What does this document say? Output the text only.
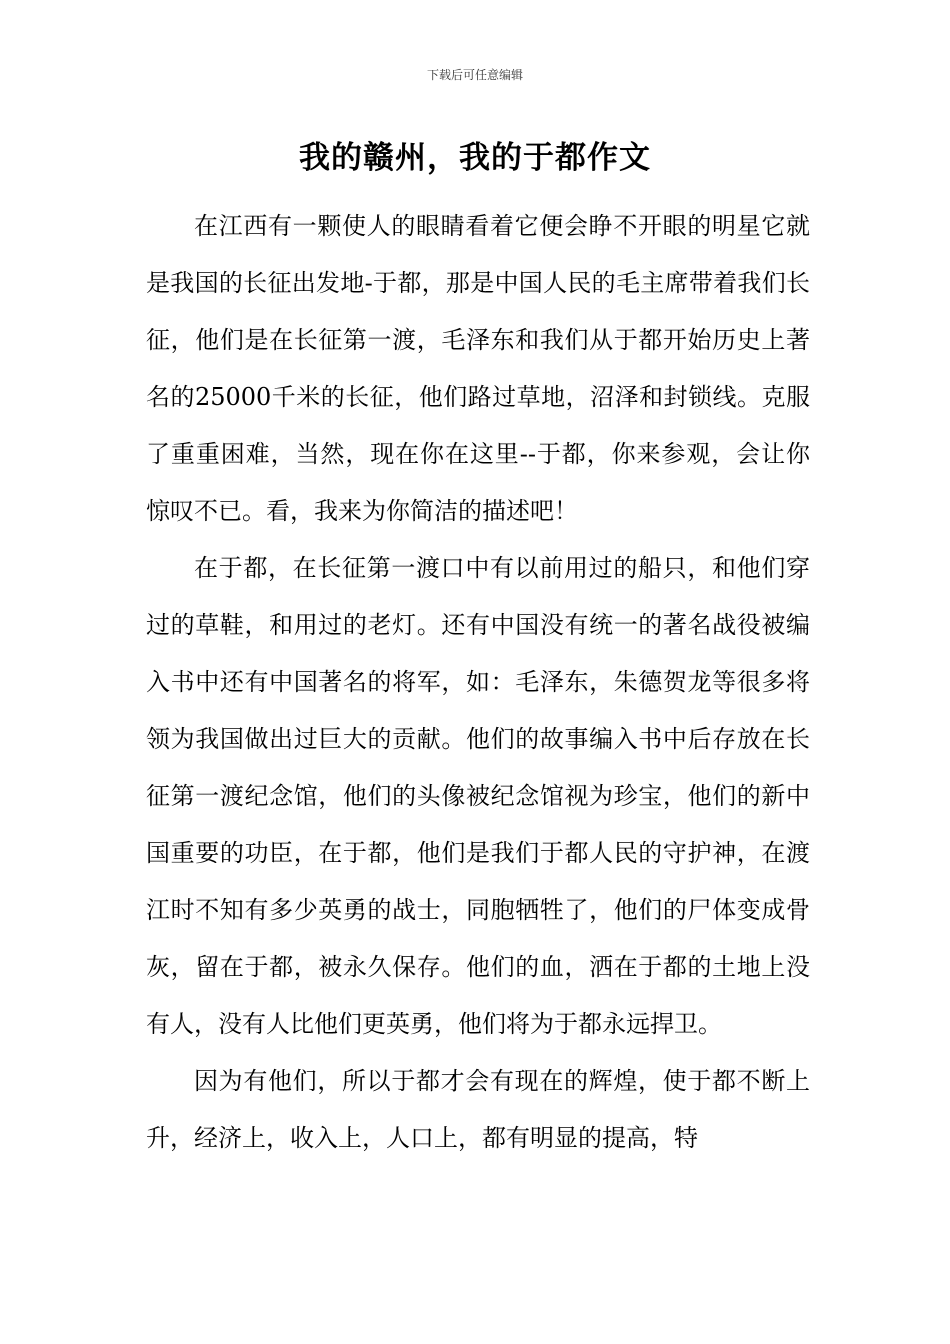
下载后可任意编辑
我的赣州，我的于都作文

在江西有一颗使人的眼睛看着它便会睁不开眼的明星它就是我国的长征出发地-于都，那是中国人民的毛主席带着我们长征，他们是在长征第一渡，毛泽东和我们从于都开始历史上著名的25000千米的长征，他们路过草地，沼泽和封锁线。克服了重重困难，当然，现在你在这里--于都，你来参观，会让你惊叹不已。看，我来为你简洁的描述吧！

在于都，在长征第一渡口中有以前用过的船只，和他们穿过的草鞋，和用过的老灯。还有中国没有统一的著名战役被编入书中还有中国著名的将军，如：毛泽东，朱德贺龙等很多将领为我国做出过巨大的贡献。他们的故事编入书中后存放在长征第一渡纪念馆，他们的头像被纪念馆视为珍宝，他们的新中国重要的功臣，在于都，他们是我们于都人民的守护神，在渡江时不知有多少英勇的战士，同胞牺牲了，他们的尸体变成骨灰，留在于都，被永久保存。他们的血，洒在于都的土地上没有人，没有人比他们更英勇，他们将为于都永远捍卫。

因为有他们，所以于都才会有现在的辉煌，使于都不断上升，经济上，收入上，人口上，都有明显的提高，特
